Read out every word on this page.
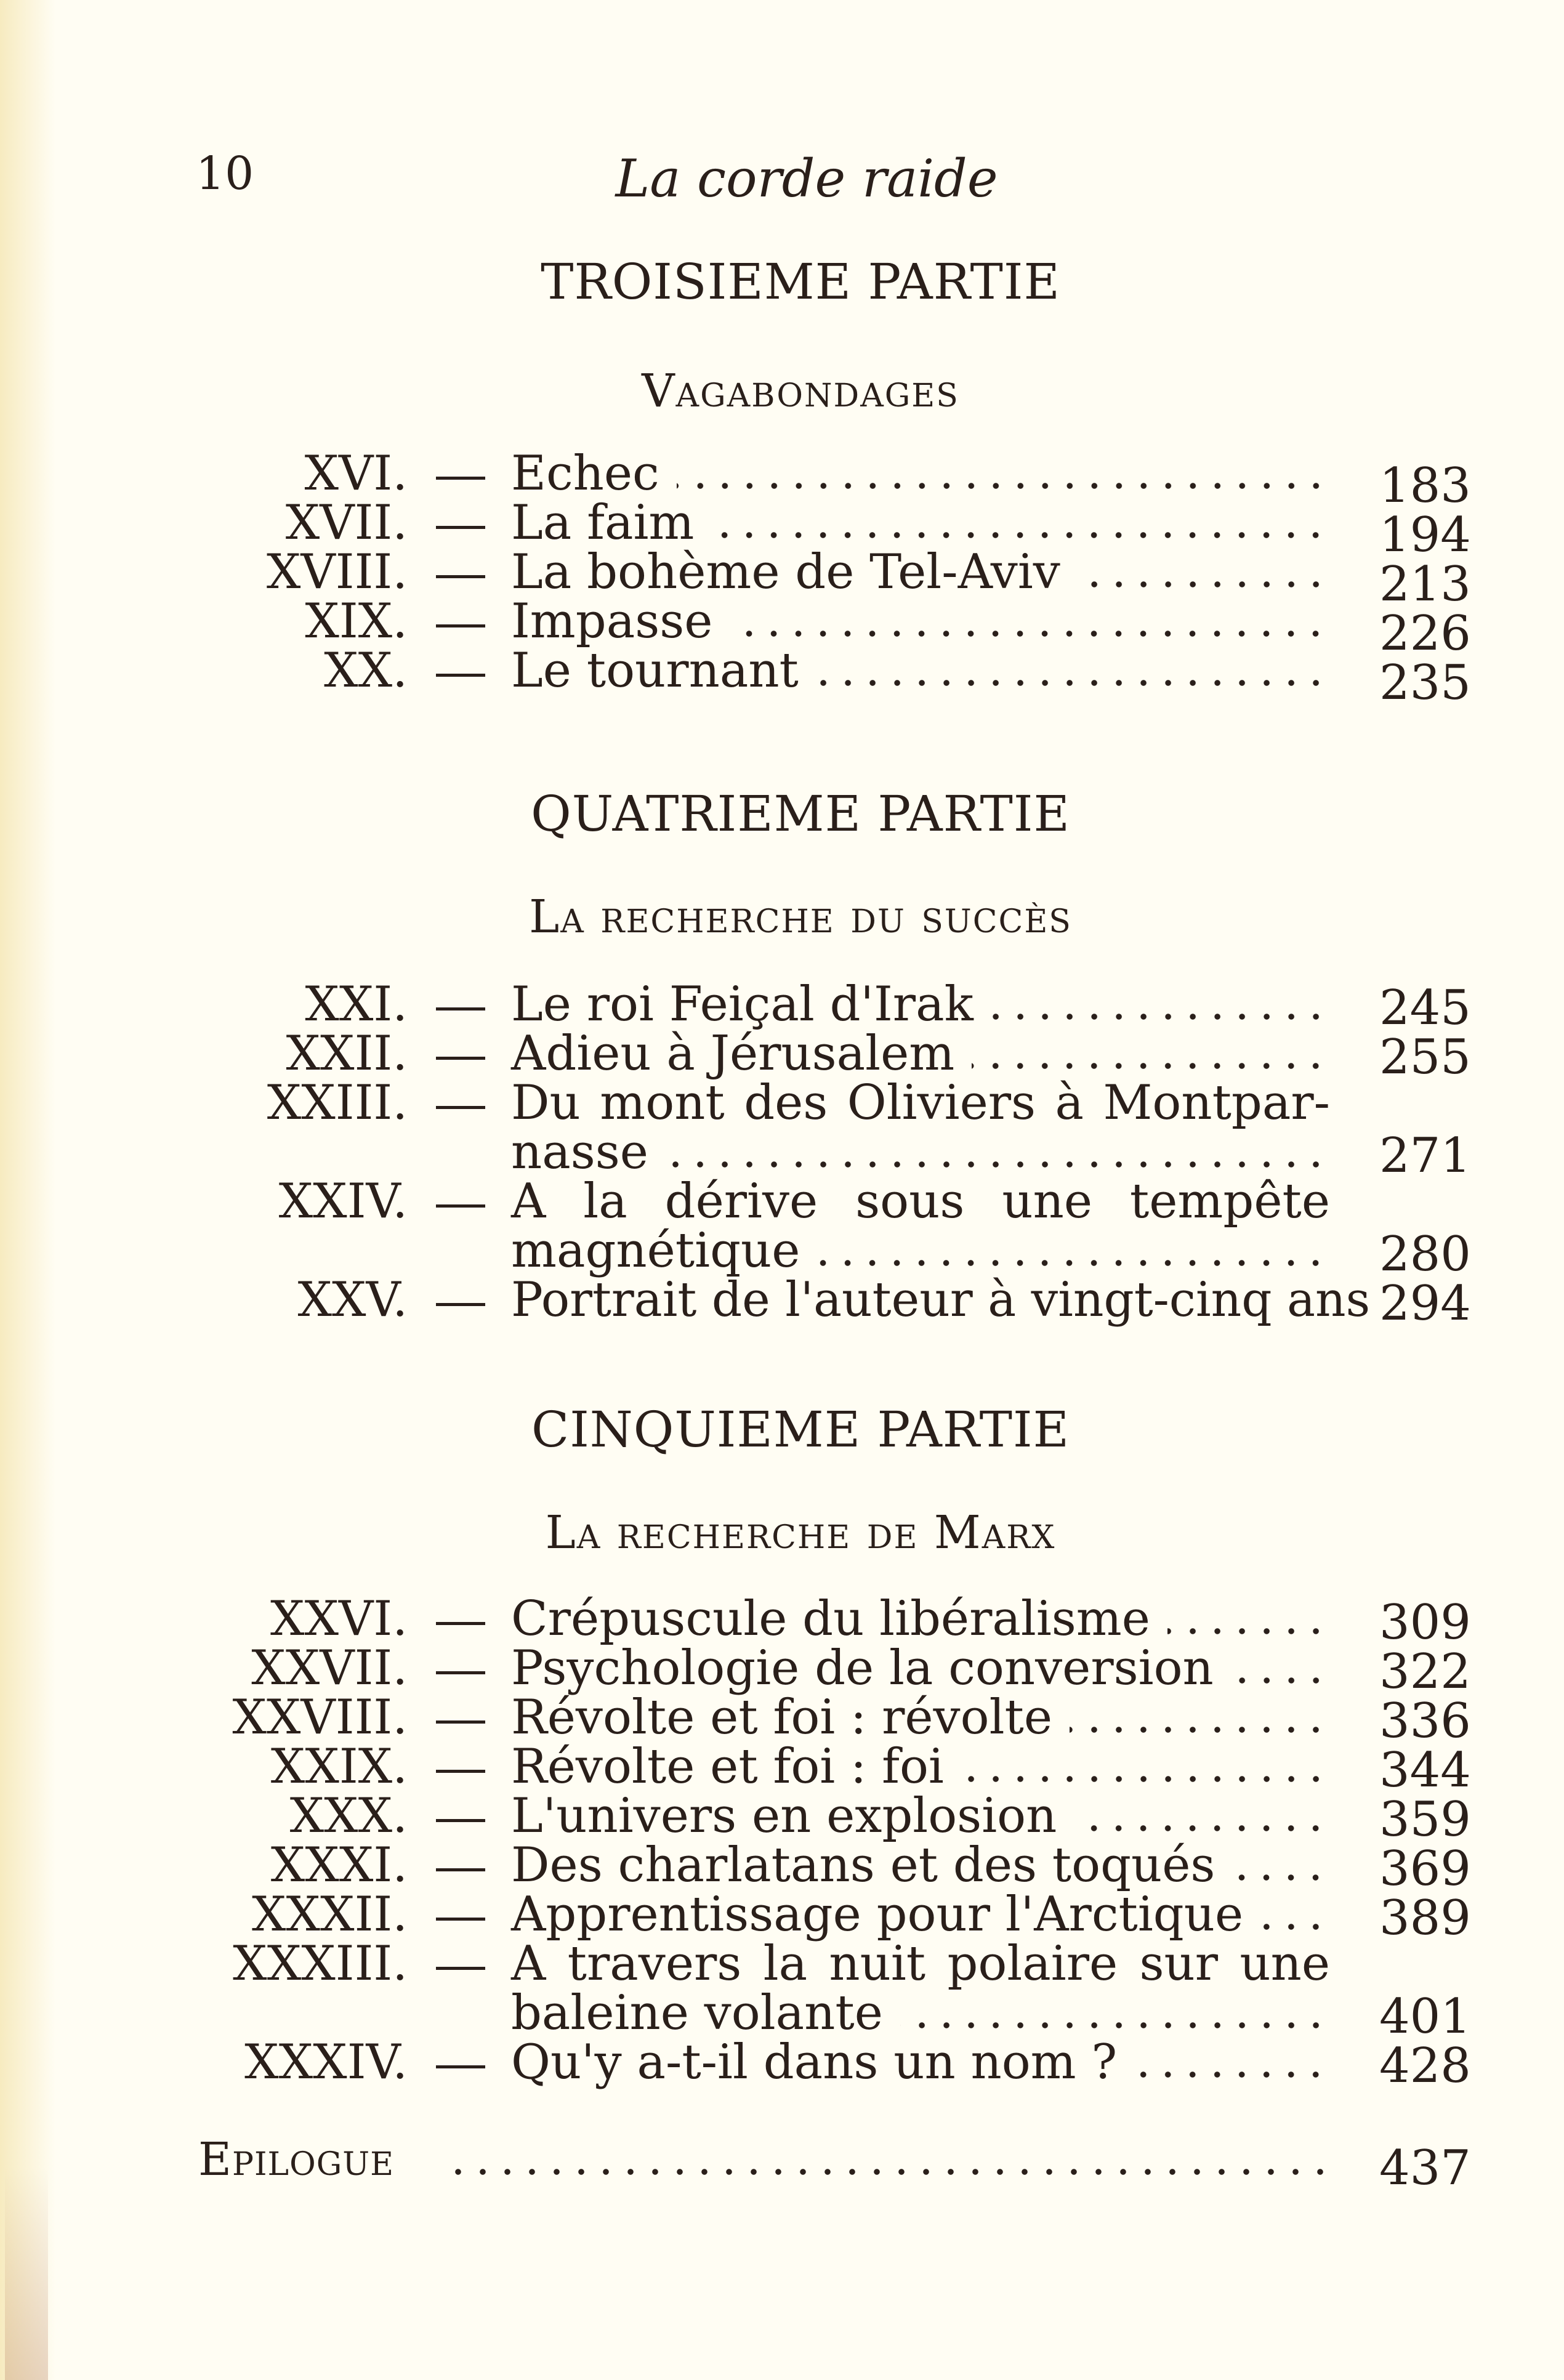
10	La corde raide
TROISIEME PARTIE
Vagabondages
XVI. Echec	183
XVII. La faim	194
XVIII. La bohème de Tel-Aviv	213
XIX. Impasse	226
XX. Le tournant	235
QUATRIEME PARTIE
La recherche du succès
XXI. Le roi Feiçal d'Irak	245
XXII. Adieu à Jérusalem	255
XXIII. Du mont des Oliviers à Montpar-
nasse	271
XXIV. A la dérive sous une tempête
magnétique	280
XXV. Portrait de l'auteur à vingt-cinq ans 294
CINQUIEME PARTIE
La recherche de Marx
XXVI. Crépuscule du libéralisme	309
XXVII. Psychologie de la conversion	322
XXVIII. Révolte et foi : révolte	336
XXIX. Révolte et foi : foi	344
XXX. L'univers en explosion	359
XXXI. Des charlatans et des toqués	369
XXXII. Apprentissage pour l'Arctique	389
XXXIII. A travers la nuit polaire sur une
baleine volante	401
XXXIV. Qu'y a-t-il dans un nom ?	428
Epilogue	437
